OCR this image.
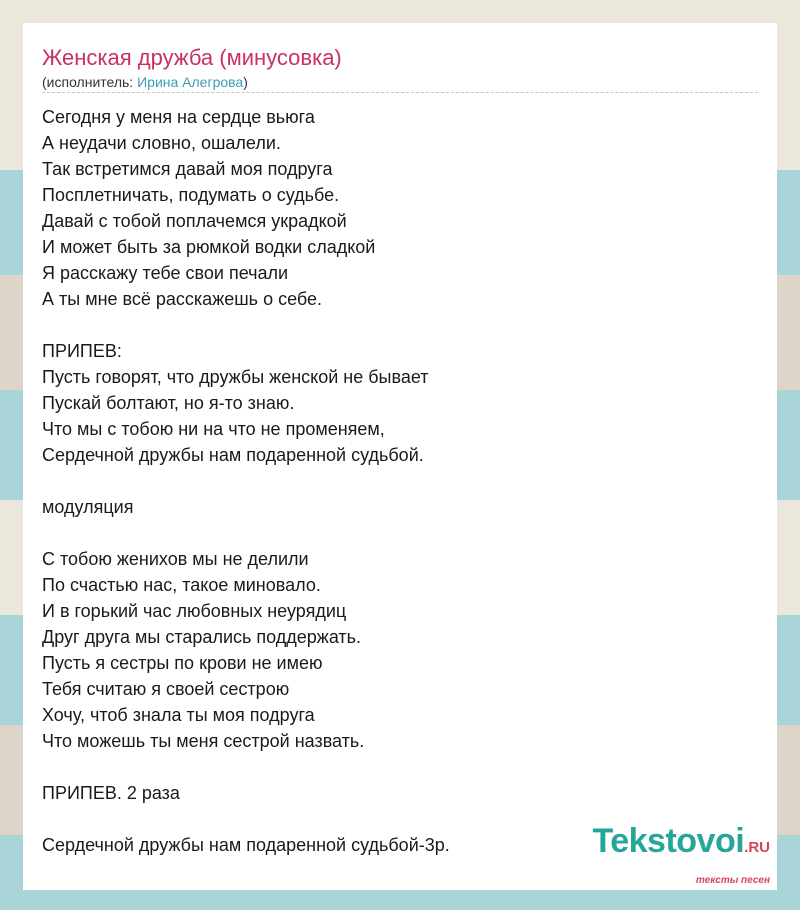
Женская дружба (минусовка)
(исполнитель: Ирина Алегрова)
Сегодня у меня на сердце вьюга
А неудачи словно, ошалели.
Так встретимся давай моя подруга
Посплетничать, подумать о судьбе.
Давай с тобой поплачемся украдкой
И может быть за рюмкой водки сладкой
Я расскажу тебе свои печали
А ты мне всё расскажешь о себе.
ПРИПЕВ:
Пусть говорят, что дружбы женской не бывает
Пускай болтают, но я-то знаю.
Что мы с тобою ни на что не променяем,
Сердечной дружбы нам подаренной судьбой.
модуляция
С тобою женихов мы не делили
По счастью нас, такое миновало.
И в горький час любовных неурядиц
Друг друга мы старались поддержать.
Пусть я сестры по крови не имею
Тебя считаю я своей сестрою
Хочу, чтоб знала ты моя подруга
Что можешь ты меня сестрой назвать.
ПРИПЕВ. 2 раза
Сердечной дружбы нам подаренной судьбой-3р.	Tekstovoi.RU
тексты песен
